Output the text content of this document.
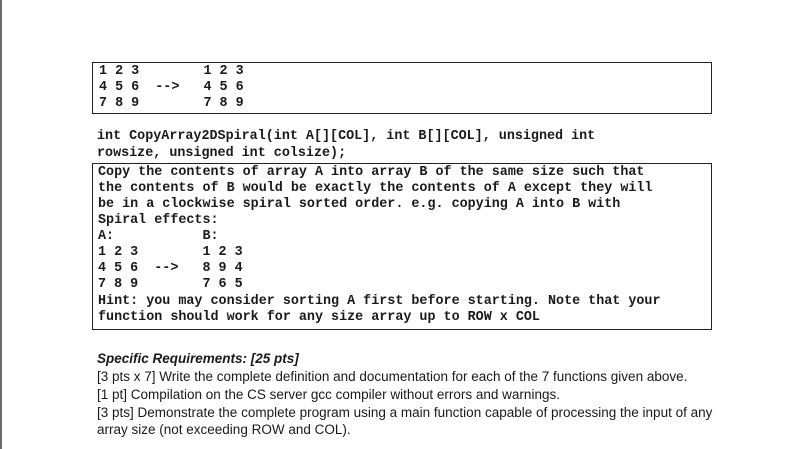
1 2 3        1 2 3
4 5 6  -->   4 5 6
7 8 9        7 8 9
int CopyArray2DSpiral(int A[][COL], int B[][COL], unsigned int
rowsize, unsigned int colsize);
Copy the contents of array A into array B of the same size such that
the contents of B would be exactly the contents of A except they will
be in a clockwise spiral sorted order. e.g. copying A into B with
Spiral effects:
A:           B:
1 2 3        1 2 3
4 5 6  -->   8 9 4
7 8 9        7 6 5
Hint: you may consider sorting A first before starting. Note that your
function should work for any size array up to ROW x COL
Specific Requirements: [25 pts]
[3 pts x 7] Write the complete definition and documentation for each of the 7 functions given above.
[1 pt] Compilation on the CS server gcc compiler without errors and warnings.
[3 pts] Demonstrate the complete program using a main function capable of processing the input of any
array size (not exceeding ROW and COL).
